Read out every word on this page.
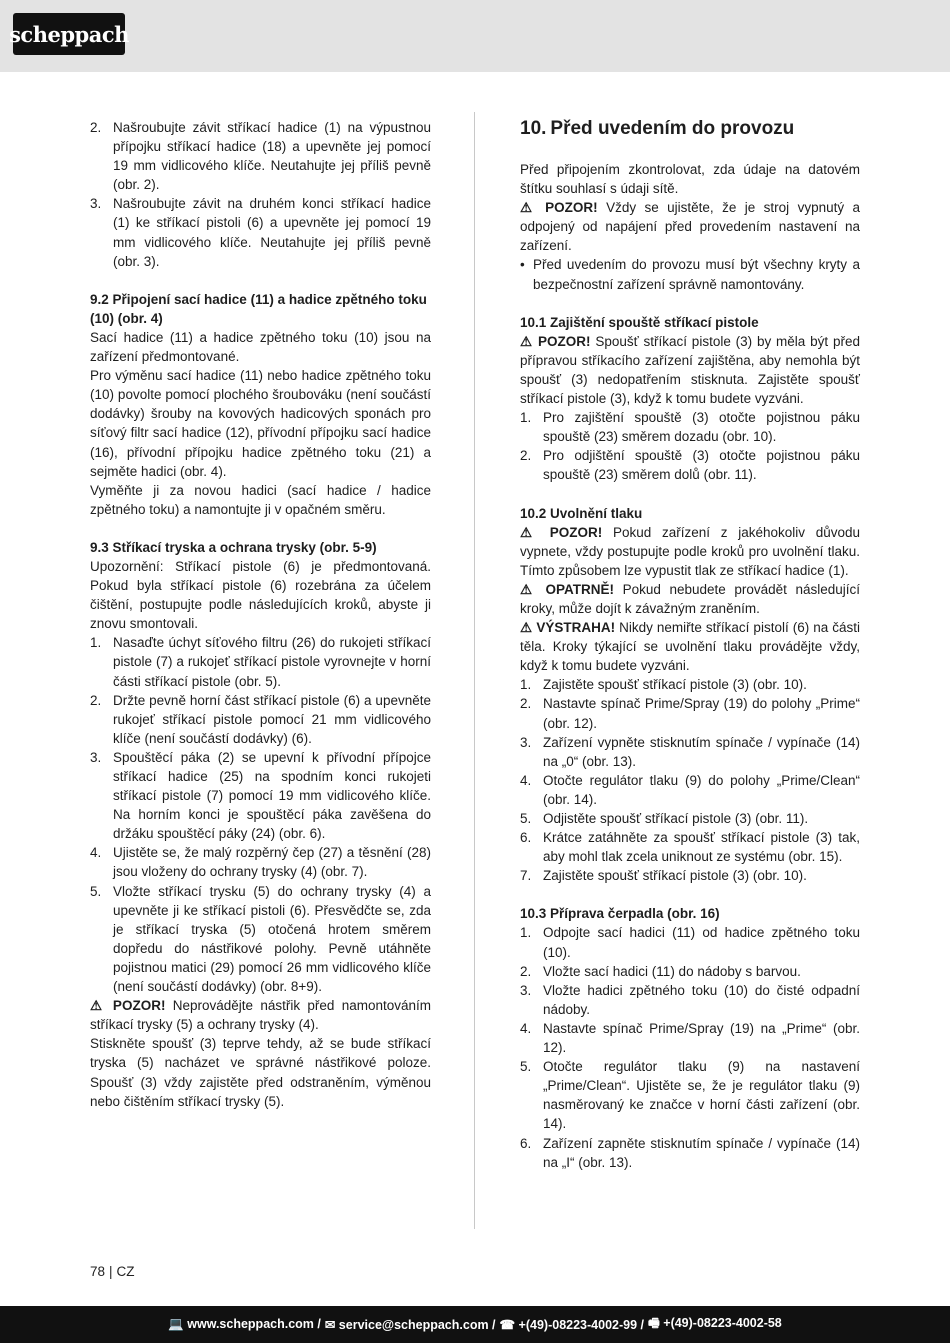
scheppach
2. Našroubujte závit stříkací hadice (1) na výpustnou přípojku stříkací hadice (18) a upevněte jej pomocí 19 mm vidlicového klíče. Neutahujte jej příliš pevně (obr. 2).
3. Našroubujte závit na druhém konci stříkací hadice (1) ke stříkací pistoli (6) a upevněte jej pomocí 19 mm vidlicového klíče. Neutahujte jej příliš pevně (obr. 3).
9.2 Připojení sací hadice (11) a hadice zpětného toku (10) (obr. 4)

Sací hadice (11) a hadice zpětného toku (10) jsou na zařízení předmontované.

Pro výměnu sací hadice (11) nebo hadice zpětného toku (10) povolte pomocí plochého šroubováku (není součástí dodávky) šrouby na kovových hadicových sponách pro síťový filtr sací hadice (12), přívodní přípojku sací hadice (16), přívodní přípojku hadice zpětného toku (21) a sejměte hadici (obr. 4).

Vyměňte ji za novou hadici (sací hadice / hadice zpětného toku) a namontujte ji v opačném směru.

9.3 Stříkací tryska a ochrana trysky (obr. 5-9)

Upozornění: Stříkací pistole (6) je předmontovaná. Pokud byla stříkací pistole (6) rozebrána za účelem čištění, postupujte podle následujících kroků, abyste ji znovu smontovali.

1. Nasaďte úchyt síťového filtru (26) do rukojeti stříkací pistole (7) a rukojeť stříkací pistole vyrovnejte v horní části stříkací pistole (obr. 5).
2. Držte pevně horní část stříkací pistole (6) a upevněte rukojeť stříkací pistole pomocí 21 mm vidlicového klíče (není součástí dodávky) (6).
3. Spouštěcí páka (2) se upevní k přívodní přípojce stříkací hadice (25) na spodním konci rukojeti stříkací pistole (7) pomocí 19 mm vidlicového klíče. Na horním konci je spouštěcí páka zavěšena do držáku spouštěcí páky (24) (obr. 6).
4. Ujistěte se, že malý rozpěrný čep (27) a těsnění (28) jsou vloženy do ochrany trysky (4) (obr. 7).
5. Vložte stříkací trysku (5) do ochrany trysky (4) a upevněte ji ke stříkací pistoli (6). Přesvědčte se, zda je stříkací tryska (5) otočená hrotem směrem dopředu do nástřikové polohy. Pevně utáhněte pojistnou matici (29) pomocí 26 mm vidlicového klíče (není součástí dodávky) (obr. 8+9).

⚠ POZOR! Neprovádějte nástřik před namontováním stříkací trysky (5) a ochrany trysky (4).

Stiskněte spoušť (3) teprve tehdy, až se bude stříkací tryska (5) nacházet ve správné nástřikové poloze. Spoušť (3) vždy zajistěte před odstraněním, výměnou nebo čištěním stříkací trysky (5).

10. Před uvedením do provozu

Před připojením zkontrolovat, zda údaje na datovém štítku souhlasí s údaji sítě.

⚠ POZOR! Vždy se ujistěte, že je stroj vypnutý a odpojený od napájení před provedením nastavení na zařízení.

• Před uvedením do provozu musí být všechny kryty a bezpečnostní zařízení správně namontovány.
10.1 Zajištění spouště stříkací pistole

⚠ POZOR! Spoušť stříkací pistole (3) by měla být před přípravou stříkacího zařízení zajištěna, aby nemohla být spoušť (3) nedopatřením stisknuta. Zajistěte spoušť stříkací pistole (3), když k tomu budete vyzváni.

1. Pro zajištění spouště (3) otočte pojistnou páku spouště (23) směrem dozadu (obr. 10).
2. Pro odjištění spouště (3) otočte pojistnou páku spouště (23) směrem dolů (obr. 11).
10.2 Uvolnění tlaku

⚠ POZOR! Pokud zařízení z jakéhokoliv důvodu vypnete, vždy postupujte podle kroků pro uvolnění tlaku. Tímto způsobem lze vypustit tlak ze stříkací hadice (1).

⚠ OPATRNĚ! Pokud nebudete provádět následující kroky, může dojít k závažným zraněním.

⚠ VÝSTRAHA! Nikdy nemiřte stříkací pistolí (6) na části těla. Kroky týkající se uvolnění tlaku provádějte vždy, když k tomu budete vyzváni.

1. Zajistěte spoušť stříkací pistole (3) (obr. 10).
2. Nastavte spínač Prime/Spray (19) do polohy „Prime“ (obr. 12).
3. Zařízení vypněte stisknutím spínače / vypínače (14) na „0“ (obr. 13).
4. Otočte regulátor tlaku (9) do polohy „Prime/Clean“ (obr. 14).
5. Odjistěte spoušť stříkací pistole (3) (obr. 11).
6. Krátce zatáhněte za spoušť stříkací pistole (3) tak, aby mohl tlak zcela uniknout ze systému (obr. 15).
7. Zajistěte spoušť stříkací pistole (3) (obr. 10).
10.3 Příprava čerpadla (obr. 16)
1. Odpojte sací hadici (11) od hadice zpětného toku (10).
2. Vložte sací hadici (11) do nádoby s barvou.
3. Vložte hadici zpětného toku (10) do čisté odpadní nádoby.
4. Nastavte spínač Prime/Spray (19) na „Prime“ (obr. 12).
5. Otočte regulátor tlaku (9) na nastavení „Prime/Clean“. Ujistěte se, že je regulátor tlaku (9) nasměrovaný ke značce v horní části zařízení (obr. 14).
6. Zařízení zapněte stisknutím spínače / vypínače (14) na „I“ (obr. 13).
78 | CZ
💻 www.scheppach.com / ✉ service@scheppach.com / ☎ +(49)-08223-4002-99 / 🖷 +(49)-08223-4002-58
